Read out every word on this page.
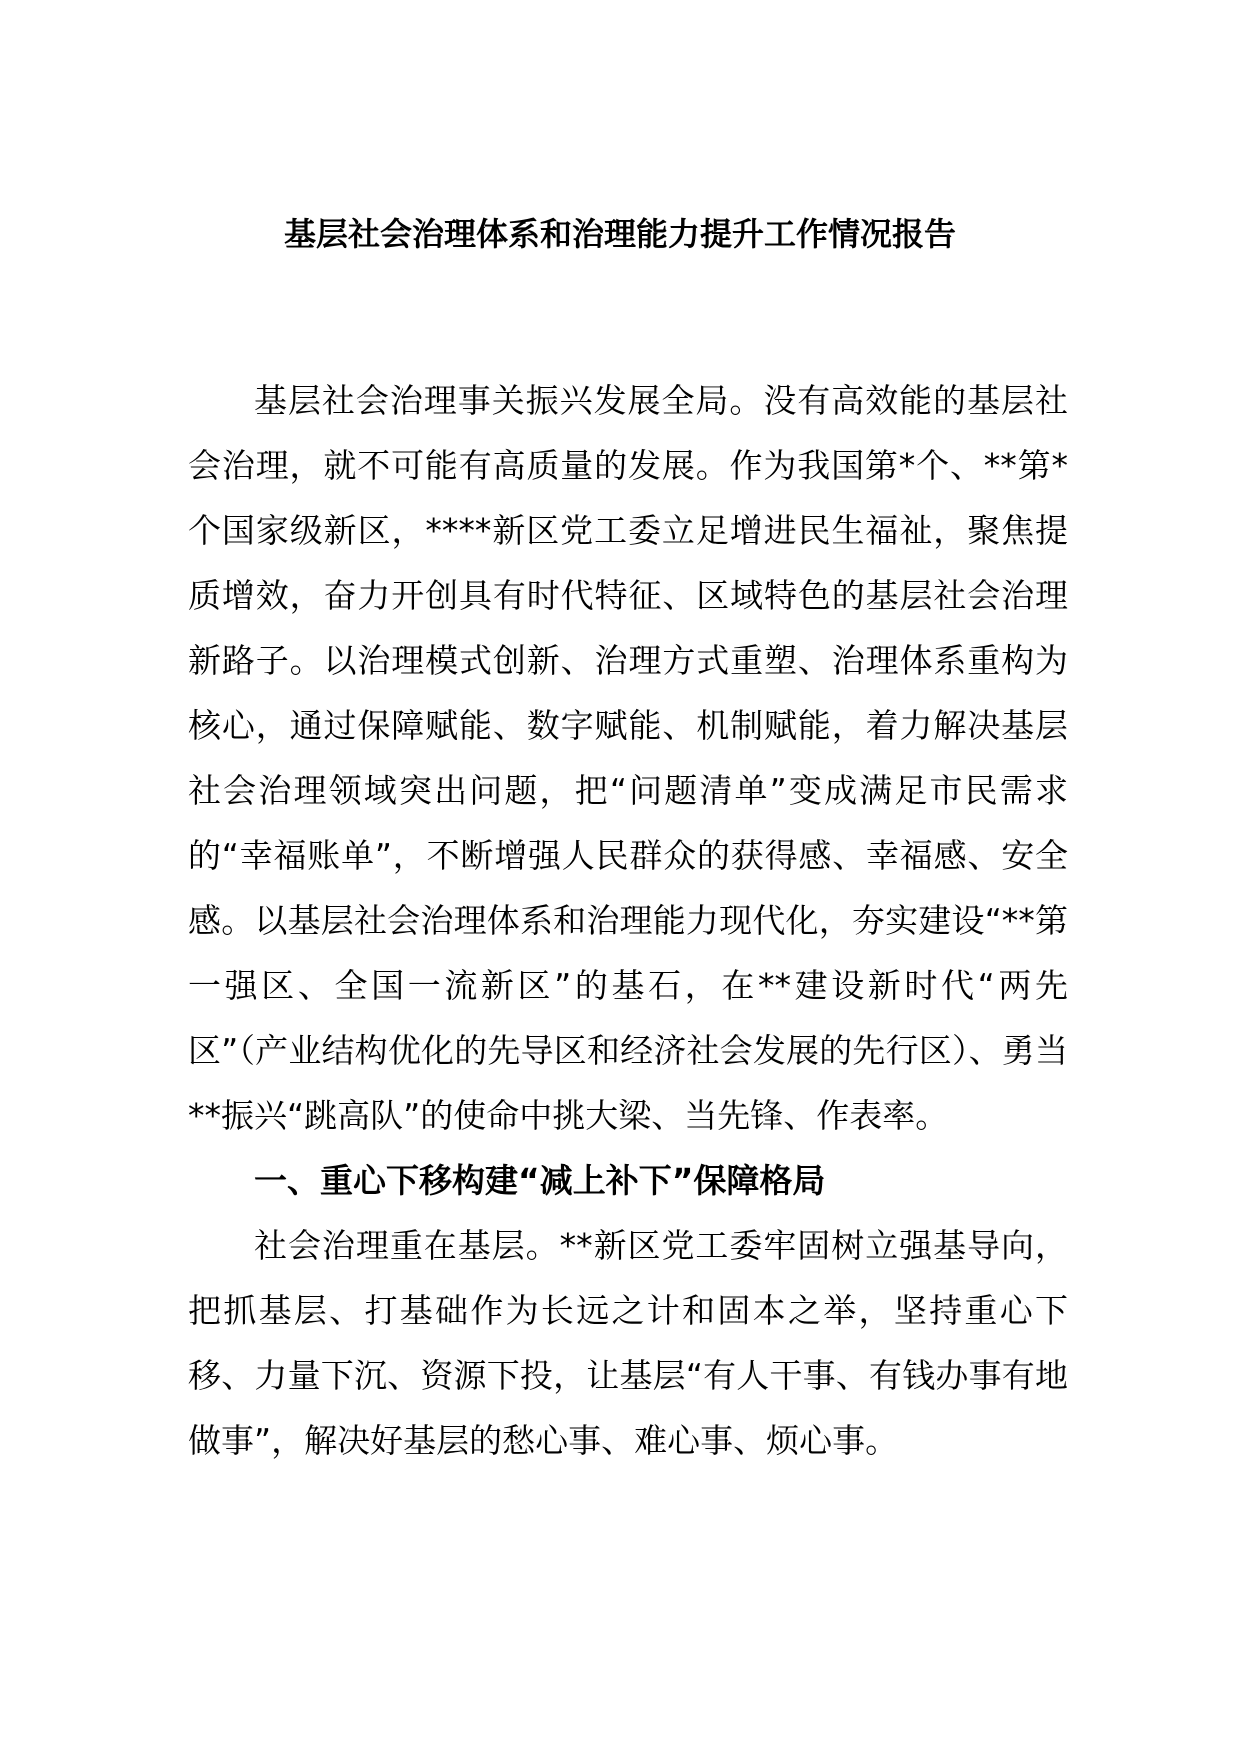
基层社会治理体系和治理能力提升工作情况报告

基层社会治理事关振兴发展全局。没有高效能的基层社会治理，就不可能有高质量的发展。作为我国第*个、**第*个国家级新区，****新区党工委立足增进民生福祉，聚焦提质增效，奋力开创具有时代特征、区域特色的基层社会治理新路子。以治理模式创新、治理方式重塑、治理体系重构为核心，通过保障赋能、数字赋能、机制赋能，着力解决基层社会治理领域突出问题，把“问题清单”变成满足市民需求的“幸福账单”，不断增强人民群众的获得感、幸福感、安全感。以基层社会治理体系和治理能力现代化，夯实建设“**第一强区、全国一流新区”的基石，在**建设新时代“两先区”（产业结构优化的先导区和经济社会发展的先行区）、勇当**振兴“跳高队”的使命中挑大梁、当先锋、作表率。

一、重心下移构建“减上补下”保障格局

社会治理重在基层。**新区党工委牢固树立强基导向，把抓基层、打基础作为长远之计和固本之举，坚持重心下移、力量下沉、资源下投，让基层“有人干事、有钱办事有地做事”，解决好基层的愁心事、难心事、烦心事。
